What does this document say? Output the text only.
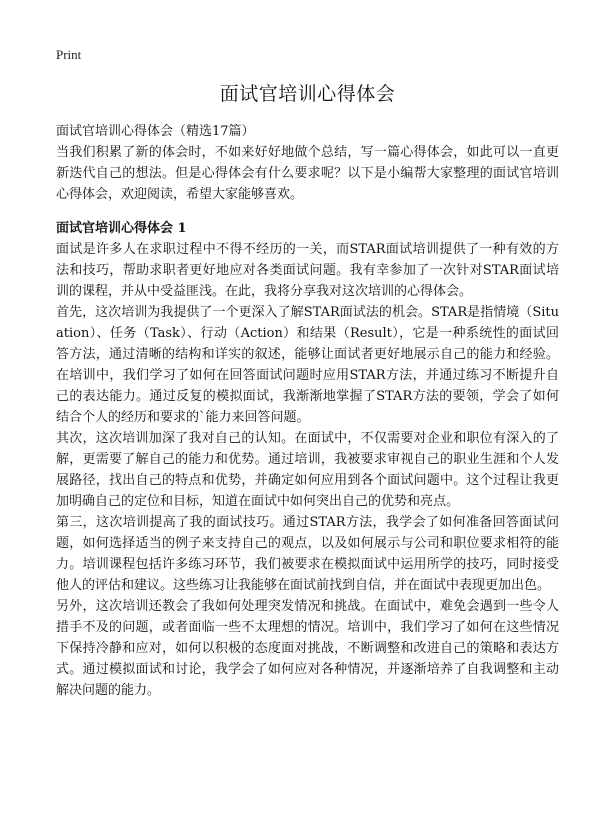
Print
面试官培训心得体会
面试官培训心得体会（精选17篇）

当我们积累了新的体会时，不如来好好地做个总结，写一篇心得体会，如此可以一直更新迭代自己的想法。但是心得体会有什么要求呢？以下是小编帮大家整理的面试官培训心得体会，欢迎阅读，希望大家能够喜欢。

面试官培训心得体会 1

面试是许多人在求职过程中不得不经历的一关，而STAR面试培训提供了一种有效的方法和技巧，帮助求职者更好地应对各类面试问题。我有幸参加了一次针对STAR面试培训的课程，并从中受益匪浅。在此，我将分享我对这次培训的心得体会。

首先，这次培训为我提供了一个更深入了解STAR面试法的机会。STAR是指情境（Situation）、任务（Task）、行动（Action）和结果（Result），它是一种系统性的面试回答方法，通过清晰的结构和详实的叙述，能够让面试者更好地展示自己的能力和经验。在培训中，我们学习了如何在回答面试问题时应用STAR方法，并通过练习不断提升自己的表达能力。通过反复的模拟面试，我渐渐地掌握了STAR方法的要领，学会了如何结合个人的经历和要求的`能力来回答问题。

其次，这次培训加深了我对自己的认知。在面试中，不仅需要对企业和职位有深入的了解，更需要了解自己的能力和优势。通过培训，我被要求审视自己的职业生涯和个人发展路径，找出自己的特点和优势，并确定如何应用到各个面试问题中。这个过程让我更加明确自己的定位和目标，知道在面试中如何突出自己的优势和亮点。

第三，这次培训提高了我的面试技巧。通过STAR方法，我学会了如何准备回答面试问题，如何选择适当的例子来支持自己的观点，以及如何展示与公司和职位要求相符的能力。培训课程包括许多练习环节，我们被要求在模拟面试中运用所学的技巧，同时接受他人的评估和建议。这些练习让我能够在面试前找到自信，并在面试中表现更加出色。

另外，这次培训还教会了我如何处理突发情况和挑战。在面试中，难免会遇到一些令人措手不及的问题，或者面临一些不太理想的情况。培训中，我们学习了如何在这些情况下保持冷静和应对，如何以积极的态度面对挑战，不断调整和改进自己的策略和表达方式。通过模拟面试和讨论，我学会了如何应对各种情况，并逐渐培养了自我调整和主动解决问题的能力。
